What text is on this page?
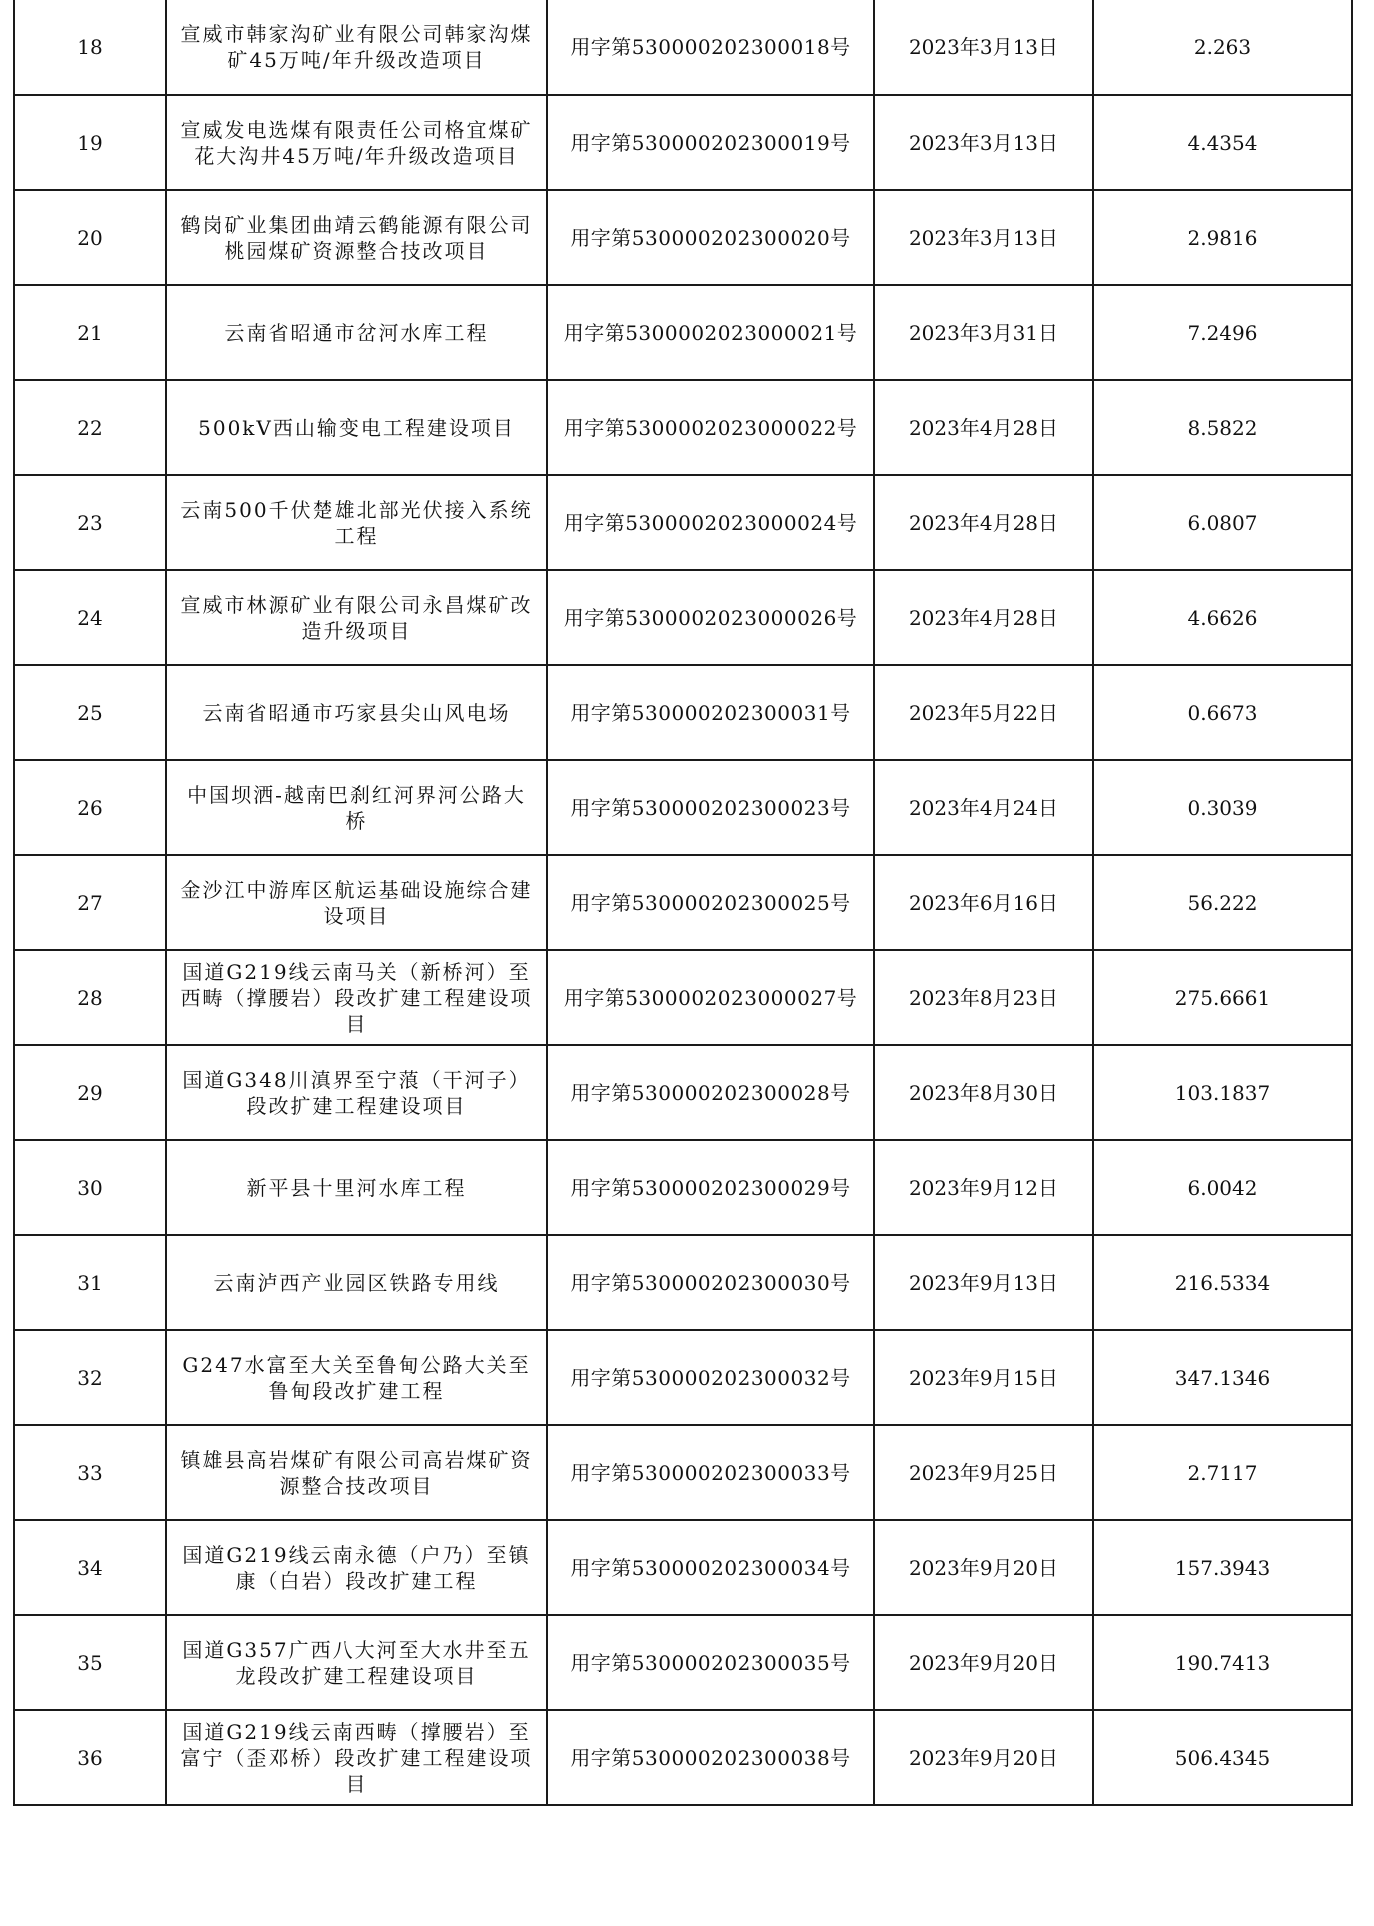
18	宣威市韩家沟矿业有限公司韩家沟煤矿45万吨/年升级改造项目	用字第530000202300018号	2023年3月13日	2.263
19	宣威发电选煤有限责任公司格宜煤矿花大沟井45万吨/年升级改造项目	用字第530000202300019号	2023年3月13日	4.4354
20	鹤岗矿业集团曲靖云鹤能源有限公司桃园煤矿资源整合技改项目	用字第530000202300020号	2023年3月13日	2.9816
21	云南省昭通市岔河水库工程	用字第5300002023000021号	2023年3月31日	7.2496
22	500kV西山输变电工程建设项目	用字第5300002023000022号	2023年4月28日	8.5822
23	云南500千伏楚雄北部光伏接入系统工程	用字第5300002023000024号	2023年4月28日	6.0807
24	宣威市林源矿业有限公司永昌煤矿改造升级项目	用字第5300002023000026号	2023年4月28日	4.6626
25	云南省昭通市巧家县尖山风电场	用字第530000202300031号	2023年5月22日	0.6673
26	中国坝洒-越南巴刹红河界河公路大桥	用字第530000202300023号	2023年4月24日	0.3039
27	金沙江中游库区航运基础设施综合建设项目	用字第530000202300025号	2023年6月16日	56.222
28	国道G219线云南马关（新桥河）至西畴（撑腰岩）段改扩建工程建设项目	用字第5300002023000027号	2023年8月23日	275.6661
29	国道G348川滇界至宁蒗（干河子）段改扩建工程建设项目	用字第530000202300028号	2023年8月30日	103.1837
30	新平县十里河水库工程	用字第530000202300029号	2023年9月12日	6.0042
31	云南泸西产业园区铁路专用线	用字第530000202300030号	2023年9月13日	216.5334
32	G247水富至大关至鲁甸公路大关至鲁甸段改扩建工程	用字第530000202300032号	2023年9月15日	347.1346
33	镇雄县高岩煤矿有限公司高岩煤矿资源整合技改项目	用字第530000202300033号	2023年9月25日	2.7117
34	国道G219线云南永德（户乃）至镇康（白岩）段改扩建工程	用字第530000202300034号	2023年9月20日	157.3943
35	国道G357广西八大河至大水井至五龙段改扩建工程建设项目	用字第530000202300035号	2023年9月20日	190.7413
36	国道G219线云南西畴（撑腰岩）至富宁（歪邓桥）段改扩建工程建设项目	用字第530000202300038号	2023年9月20日	506.4345
